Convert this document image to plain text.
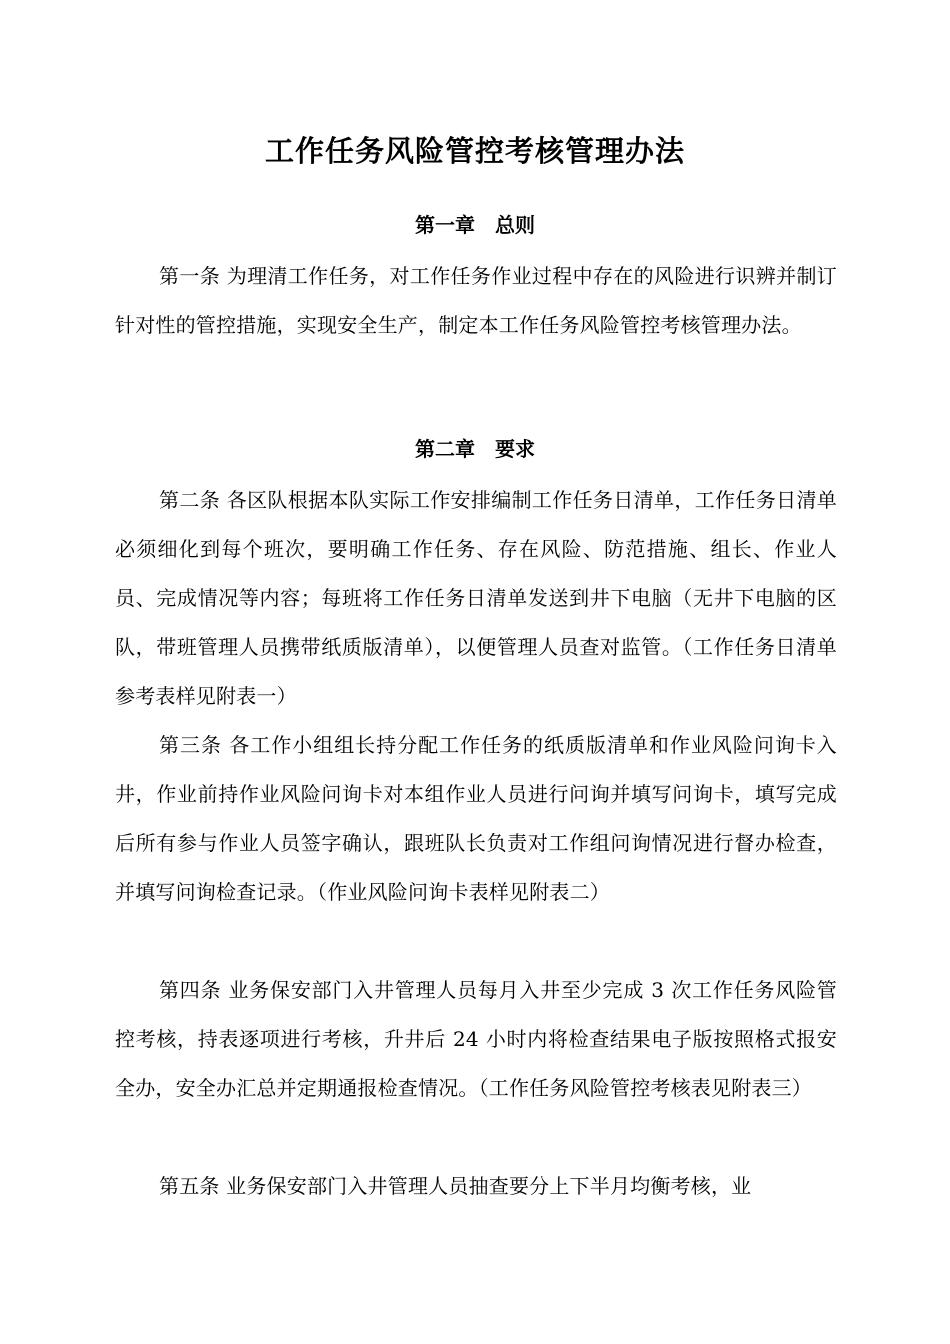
工作任务风险管控考核管理办法
第一章　总则

第一条 为理清工作任务，对工作任务作业过程中存在的风险进行识辨并制订针对性的管控措施，实现安全生产，制定本工作任务风险管控考核管理办法。

第二章　要求

第二条 各区队根据本队实际工作安排编制工作任务日清单，工作任务日清单必须细化到每个班次，要明确工作任务、存在风险、防范措施、组长、作业人员、完成情况等内容；每班将工作任务日清单发送到井下电脑（无井下电脑的区队，带班管理人员携带纸质版清单），以便管理人员查对监管。（工作任务日清单参考表样见附表一）

第三条 各工作小组组长持分配工作任务的纸质版清单和作业风险问询卡入井，作业前持作业风险问询卡对本组作业人员进行问询并填写问询卡，填写完成后所有参与作业人员签字确认，跟班队长负责对工作组问询情况进行督办检查，并填写问询检查记录。（作业风险问询卡表样见附表二）

第四条 业务保安部门入井管理人员每月入井至少完成 3 次工作任务风险管控考核，持表逐项进行考核，升井后 24 小时内将检查结果电子版按照格式报安全办，安全办汇总并定期通报检查情况。（工作任务风险管控考核表见附表三）

第五条 业务保安部门入井管理人员抽查要分上下半月均衡考核，业
